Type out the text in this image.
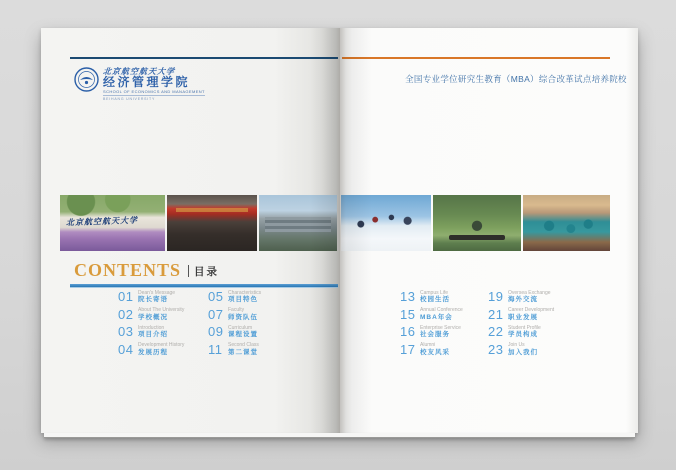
北京航空航天大学
经济管理学院
SCHOOL OF ECONOMICS AND MANAGEMENT
BEIHANG UNIVERSITY
全国专业学位研究生教育（MBA）综合改革试点培养院校
北京航空航天大学
CONTENTS 目录
01 Dean's Message
院长寄语
02 About The University
学校概况
03 Introduction
项目介绍
04 Development History
发展历程
05 Characteristics
项目特色
07 Faculty
师资队伍
09 Curriculum
课程设置
11	Second Class
第二课堂
13 Campus Life
校园生活
15 Annual Conference
MBA年会
16 Enterprise Service
社会服务
17 Alumni
校友风采
19 Oversea Exchange
海外交流
21 Career Development
职业发展
22 Student Profile
学员构成
23 Join Us
加入我们
